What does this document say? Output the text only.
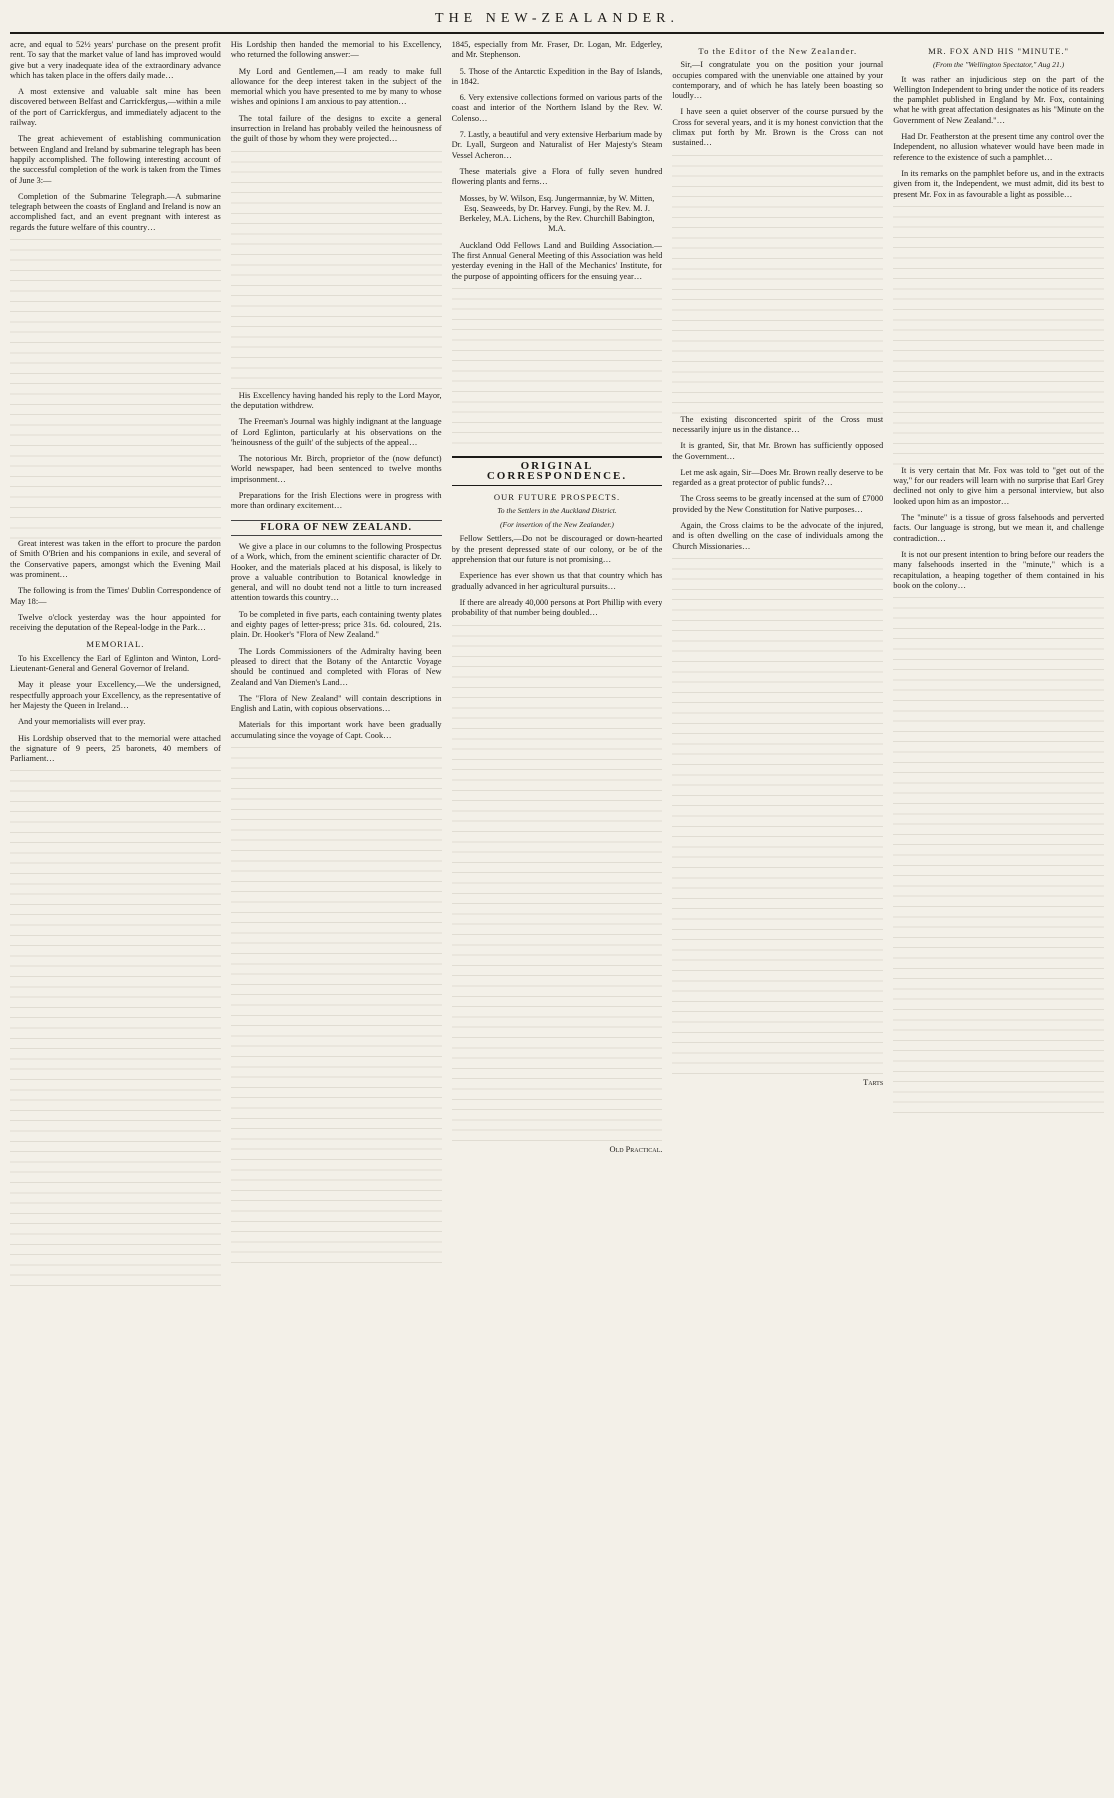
THE NEW-ZEALANDER.

acre, and equal to 52½ years' purchase on the present profit rent. To say that the market value of land has improved would give but a very inadequate idea of the extraordinary advance which has taken place in the offers daily made…

A most extensive and valuable salt mine has been discovered between Belfast and Carrickfergus,—within a mile of the port of Carrickfergus, and immediately adjacent to the railway.

The great achievement of establishing communication between England and Ireland by submarine telegraph has been happily accomplished. The following interesting account of the successful completion of the work is taken from the Times of June 3:—

Completion of the Submarine Telegraph.—A submarine telegraph between the coasts of England and Ireland is now an accomplished fact, and an event pregnant with interest as regards the future welfare of this country…

Great interest was taken in the effort to procure the pardon of Smith O'Brien and his companions in exile, and several of the Conservative papers, amongst which the Evening Mail was prominent…

The following is from the Times' Dublin Correspondence of May 18:—

Twelve o'clock yesterday was the hour appointed for receiving the deputation of the Repeal-lodge in the Park…

MEMORIAL.

To his Excellency the Earl of Eglinton and Winton, Lord-Lieutenant-General and General Governor of Ireland.

May it please your Excellency,—We the undersigned, respectfully approach your Excellency, as the representative of her Majesty the Queen in Ireland…

And your memorialists will ever pray.

His Lordship observed that to the memorial were attached the signature of 9 peers, 25 baronets, 40 members of Parliament…

His Lordship then handed the memorial to his Excellency, who returned the following answer:—

My Lord and Gentlemen,—I am ready to make full allowance for the deep interest taken in the subject of the memorial which you have presented to me by many to whose wishes and opinions I am anxious to pay attention…

The total failure of the designs to excite a general insurrection in Ireland has probably veiled the heinousness of the guilt of those by whom they were projected…

His Excellency having handed his reply to the Lord Mayor, the deputation withdrew.

The Freeman's Journal was highly indignant at the language of Lord Eglinton, particularly at his observations on the 'heinousness of the guilt' of the subjects of the appeal…

The notorious Mr. Birch, proprietor of the (now defunct) World newspaper, had been sentenced to twelve months imprisonment…

Preparations for the Irish Elections were in progress with more than ordinary excitement…

FLORA OF NEW ZEALAND.

We give a place in our columns to the following Prospectus of a Work, which, from the eminent scientific character of Dr. Hooker, and the materials placed at his disposal, is likely to prove a valuable contribution to Botanical knowledge in general, and will no doubt tend not a little to turn increased attention towards this country…

To be completed in five parts, each containing twenty plates and eighty pages of letter-press; price 31s. 6d. coloured, 21s. plain. Dr. Hooker's "Flora of New Zealand."

The Lords Commissioners of the Admiralty having been pleased to direct that the Botany of the Antarctic Voyage should be continued and completed with Floras of New Zealand and Van Diemen's Land…

The "Flora of New Zealand" will contain descriptions in English and Latin, with copious observations…

Materials for this important work have been gradually accumulating since the voyage of Capt. Cook…

1845, especially from Mr. Fraser, Dr. Logan, Mr. Edgerley, and Mr. Stephenson.

5. Those of the Antarctic Expedition in the Bay of Islands, in 1842.

6. Very extensive collections formed on various parts of the coast and interior of the Northern Island by the Rev. W. Colenso…

7. Lastly, a beautiful and very extensive Herbarium made by Dr. Lyall, Surgeon and Naturalist of Her Majesty's Steam Vessel Acheron…

These materials give a Flora of fully seven hundred flowering plants and ferns…

Mosses, by W. Wilson, Esq. Jungermanniæ, by W. Mitten, Esq. Seaweeds, by Dr. Harvey. Fungi, by the Rev. M. J. Berkeley, M.A. Lichens, by the Rev. Churchill Babington, M.A.

Auckland Odd Fellows Land and Building Association.—The first Annual General Meeting of this Association was held yesterday evening in the Hall of the Mechanics' Institute, for the purpose of appointing officers for the ensuing year…

ORIGINAL CORRESPONDENCE.
OUR FUTURE PROSPECTS.
To the Settlers in the Auckland District.
(For insertion of the New Zealander.)

Fellow Settlers,—Do not be discouraged or down-hearted by the present depressed state of our colony, or be of the apprehension that our future is not promising…

Experience has ever shown us that that country which has gradually advanced in her agricultural pursuits…

If there are already 40,000 persons at Port Phillip with every probability of that number being doubled…

Old Practical.
To the Editor of the New Zealander.

Sir,—I congratulate you on the position your journal occupies compared with the unenviable one attained by your contemporary, and of which he has lately been boasting so loudly…

I have seen a quiet observer of the course pursued by the Cross for several years, and it is my honest conviction that the climax put forth by Mr. Brown is the Cross can not sustained…

The existing disconcerted spirit of the Cross must necessarily injure us in the distance…

It is granted, Sir, that Mr. Brown has sufficiently opposed the Government…

Let me ask again, Sir—Does Mr. Brown really deserve to be regarded as a great protector of public funds?…

The Cross seems to be greatly incensed at the sum of £7000 provided by the New Constitution for Native purposes…

Again, the Cross claims to be the advocate of the injured, and is often dwelling on the case of individuals among the Church Missionaries…

Tarts
MR. FOX AND HIS "MINUTE."
(From the "Wellington Spectator," Aug 21.)

It was rather an injudicious step on the part of the Wellington Independent to bring under the notice of its readers the pamphlet published in England by Mr. Fox, containing what he with great affectation designates as his "Minute on the Government of New Zealand."…

Had Dr. Featherston at the present time any control over the Independent, no allusion whatever would have been made in reference to the existence of such a pamphlet…

In its remarks on the pamphlet before us, and in the extracts given from it, the Independent, we must admit, did its best to present Mr. Fox in as favourable a light as possible…

It is very certain that Mr. Fox was told to "get out of the way," for our readers will learn with no surprise that Earl Grey declined not only to give him a personal interview, but also looked upon him as an impostor…

The "minute" is a tissue of gross falsehoods and perverted facts. Our language is strong, but we mean it, and challenge contradiction…

It is not our present intention to bring before our readers the many falsehoods inserted in the "minute," which is a recapitulation, a heaping together of them contained in his book on the colony…
